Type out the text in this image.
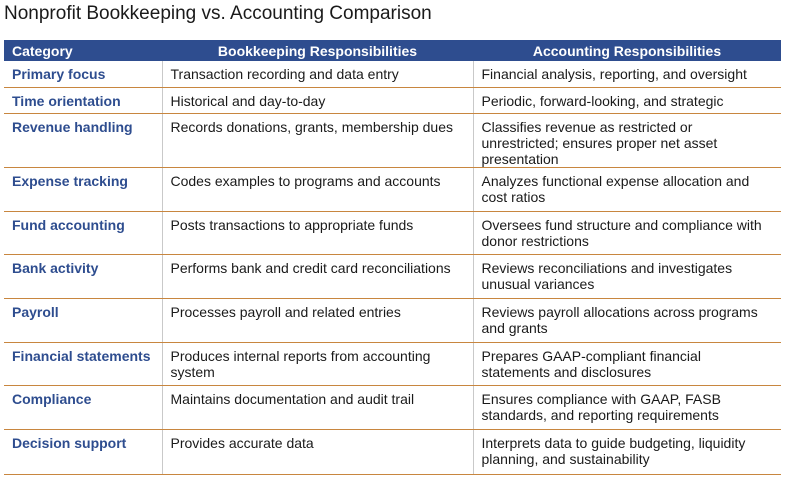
Nonprofit Bookkeeping vs. Accounting Comparison
Category	Bookkeeping Responsibilities	Accounting Responsibilities
Primary focus	Transaction recording and data entry	Financial analysis, reporting, and oversight
Time orientation	Historical and day-to-day	Periodic, forward-looking, and strategic
Revenue handling	Records donations, grants, membership dues	Classifies revenue as restricted or unrestricted; ensures proper net asset presentation
Expense tracking	Codes examples to programs and accounts	Analyzes functional expense allocation and cost ratios
Fund accounting	Posts transactions to appropriate funds	Oversees fund structure and compliance with donor restrictions
Bank activity	Performs bank and credit card reconciliations	Reviews reconciliations and investigates unusual variances
Payroll	Processes payroll and related entries	Reviews payroll allocations across programs and grants
Financial statements	Produces internal reports from accounting system	Prepares GAAP-compliant financial statements and disclosures
Compliance	Maintains documentation and audit trail	Ensures compliance with GAAP, FASB standards, and reporting requirements
Decision support	Provides accurate data	Interprets data to guide budgeting, liquidity planning, and sustainability
